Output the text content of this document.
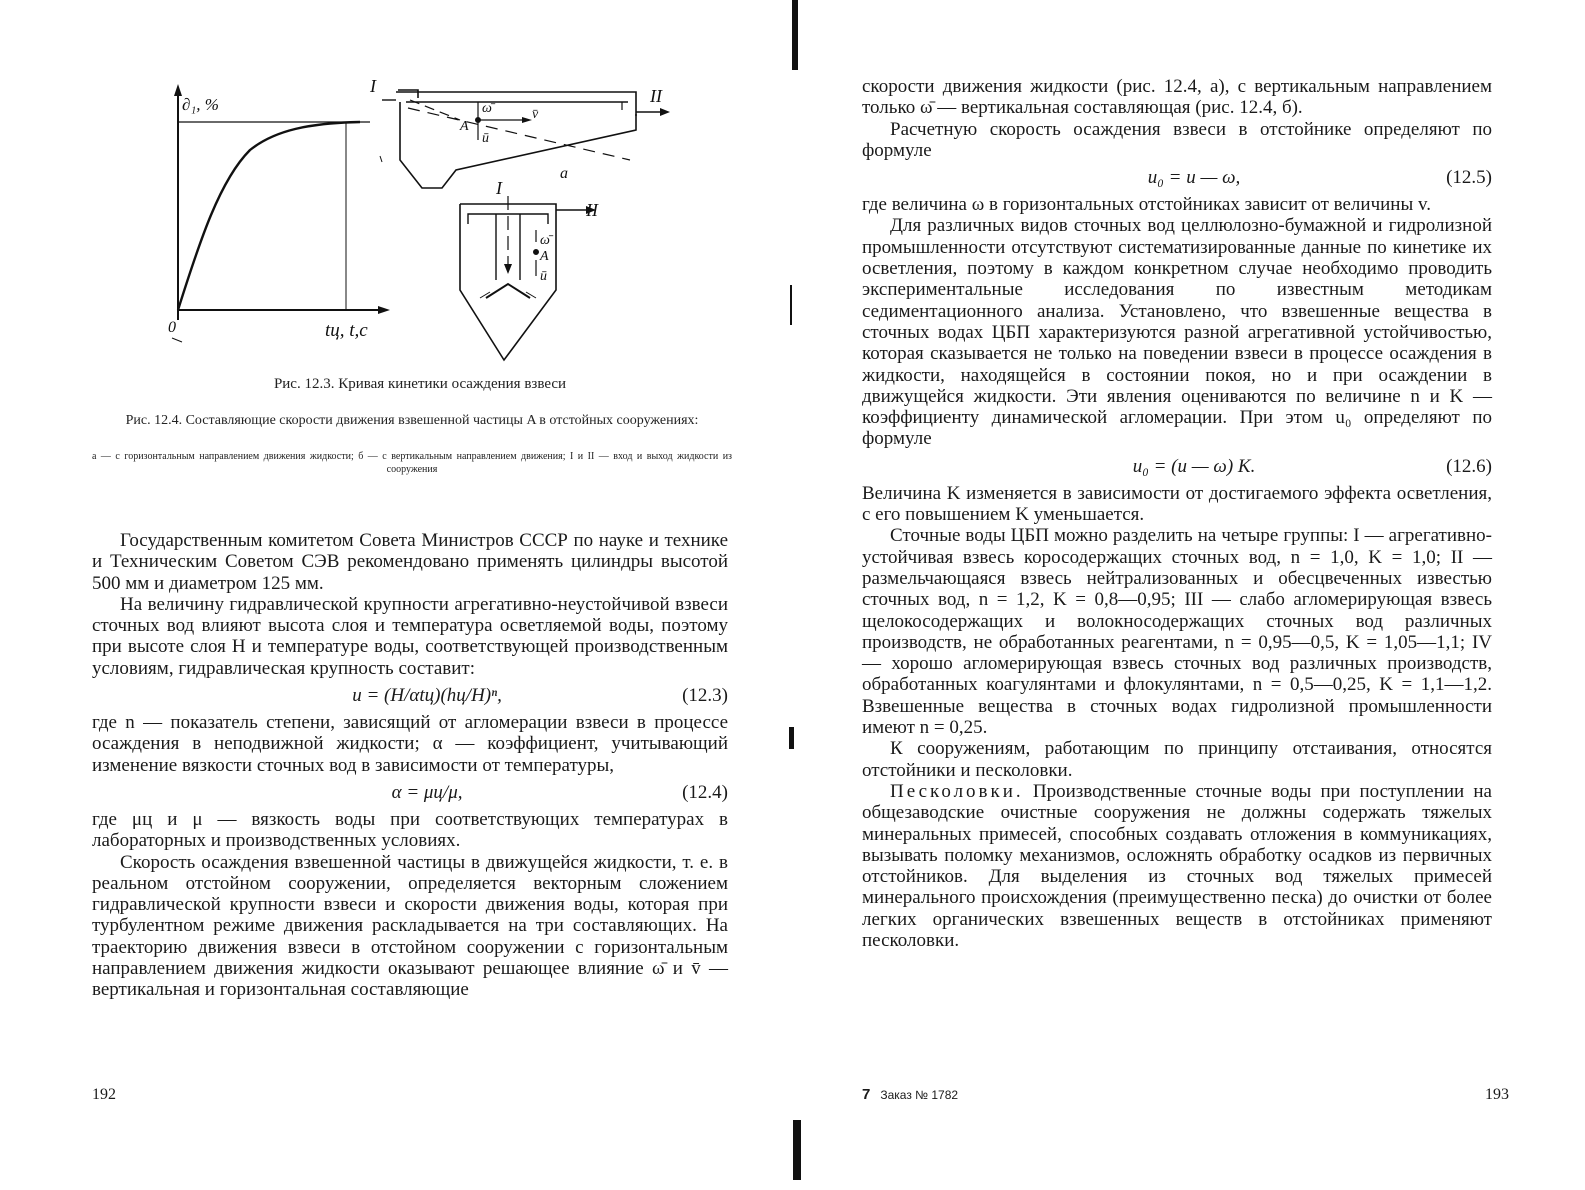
∂₁, %
0	tц, t,c
I	II
A
ω̄
ū
v̄
a
I
II
ω̄
A
ū
Рис. 12.3. Кривая кинетики осаждения взвеси
Рис. 12.4. Составляющие скорости движения взвешенной частицы A в отстойных сооружениях:
а — с горизонтальным направлением движения жидкости; б — с вертикальным направлением движения; I и II — вход и выход жидкости из сооружения

Государственным комитетом Совета Министров СССР по науке и технике и Техническим Советом СЭВ рекомендовано применять цилиндры высотой 500 мм и диаметром 125 мм.

На величину гидравлической крупности агрегативно-неустойчивой взвеси сточных вод влияют высота слоя и температура осветляемой воды, поэтому при высоте слоя H и температуре воды, соответствующей производственным условиям, гидравлическая крупность составит:

u = (H/αtц)(hц/H)ⁿ,	(12.3)

где n — показатель степени, зависящий от агломерации взвеси в процессе осаждения в неподвижной жидкости; α — коэффициент, учитывающий изменение вязкости сточных вод в зависимости от температуры,

α = μц/μ,	(12.4)

где μц и μ — вязкость воды при соответствующих температурах в лабораторных и производственных условиях.

Скорость осаждения взвешенной частицы в движущейся жидкости, т. е. в реальном отстойном сооружении, определяется векторным сложением гидравлической крупности взвеси и скорости движения воды, которая при турбулентном режиме движения раскладывается на три составляющих. На траекторию движения взвеси в отстойном сооружении с горизонтальным направлением движения жидкости оказывают решающее влияние ω̄ и v̄ — вертикальная и горизонтальная составляющие

192

скорости движения жидкости (рис. 12.4, а), с вертикальным направлением только ω̄ — вертикальная составляющая (рис. 12.4, б).

Расчетную скорость осаждения взвеси в отстойнике определяют по формуле

u₀ = u — ω,	(12.5)

где величина ω в горизонтальных отстойниках зависит от величины v.

Для различных видов сточных вод целлюлозно-бумажной и гидролизной промышленности отсутствуют систематизированные данные по кинетике их осветления, поэтому в каждом конкретном случае необходимо проводить экспериментальные исследования по известным методикам седиментационного анализа. Установлено, что взвешенные вещества в сточных водах ЦБП характеризуются разной агрегативной устойчивостью, которая сказывается не только на поведении взвеси в процессе осаждения в жидкости, находящейся в состоянии покоя, но и при осаждении в движущейся жидкости. Эти явления оцениваются по величине n и K — коэффициенту динамической агломерации. При этом u₀ определяют по формуле

u₀ = (u — ω) K.	(12.6)

Величина K изменяется в зависимости от достигаемого эффекта осветления, с его повышением K уменьшается.

Сточные воды ЦБП можно разделить на четыре группы: I — агрегативно-устойчивая взвесь коросодержащих сточных вод, n = 1,0, K = 1,0; II — размельчающаяся взвесь нейтрализованных и обесцвеченных известью сточных вод, n = 1,2, K = 0,8—0,95; III — слабо агломерирующая взвесь щелокосодержащих и волокносодержащих сточных вод различных производств, не обработанных реагентами, n = 0,95—0,5, K = 1,05—1,1; IV — хорошо агломерирующая взвесь сточных вод различных производств, обработанных коагулянтами и флокулянтами, n = 0,5—0,25, K = 1,1—1,2. Взвешенные вещества в сточных водах гидролизной промышленности имеют n = 0,25.

К сооружениям, работающим по принципу отстаивания, относятся отстойники и песколовки.

Песколовки. Производственные сточные воды при поступлении на общезаводские очистные сооружения не должны содержать тяжелых минеральных примесей, способных создавать отложения в коммуникациях, вызывать поломку механизмов, осложнять обработку осадков из первичных отстойников. Для выделения из сточных вод тяжелых примесей минерального происхождения (преимущественно песка) до очистки от более легких органических взвешенных веществ в отстойниках применяют песколовки.

7 Заказ № 1782	193
